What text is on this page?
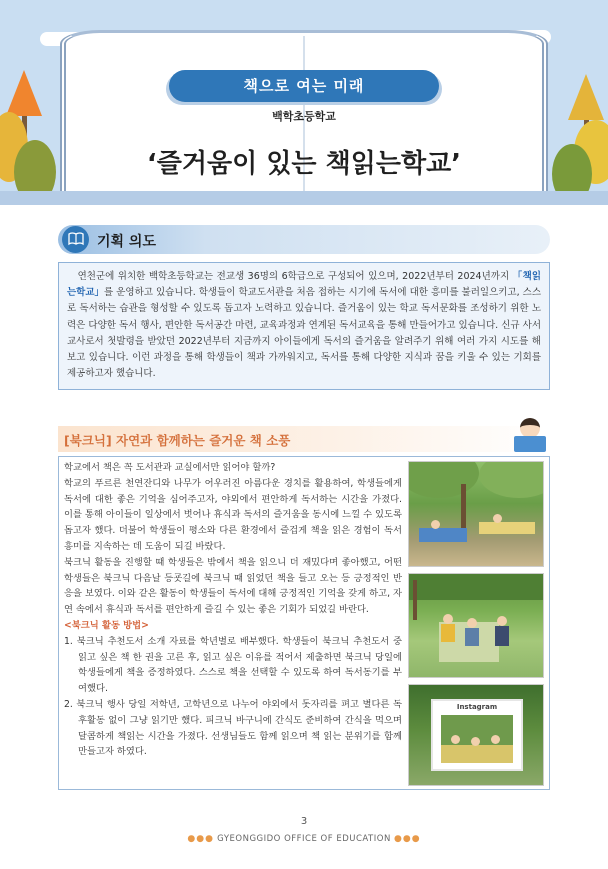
책으로 여는 미래
백학초등학교
‘즐거움이 있는 책읽는학교’
기획 의도
연천군에 위치한 백학초등학교는 전교생 36명의 6학급으로 구성되어 있으며, 2022년부터 2024년까지 「책읽는학교」를 운영하고 있습니다. 학생들이 학교도서관을 처음 접하는 시기에 독서에 대한 흥미를 불러일으키고, 스스로 독서하는 습관을 형성할 수 있도록 돕고자 노력하고 있습니다. 즐거움이 있는 학교 독서문화를 조성하기 위한 노력은 다양한 독서 행사, 편안한 독서공간 마련, 교육과정과 연계된 독서교육을 통해 만들어가고 있습니다. 신규 사서교사로서 첫발령을 받았던 2022년부터 지금까지 아이들에게 독서의 즐거움을 알려주기 위해 여러 가지 시도를 해보고 있습니다. 이런 과정을 통해 학생들이 책과 가까워지고, 독서를 통해 다양한 지식과 꿈을 키울 수 있는 기회를 제공하고자 했습니다.
[북크닉] 자연과 함께하는 즐거운 책 소풍

학교에서 책은 꼭 도서관과 교실에서만 읽어야 할까?

학교의 푸르른 천연잔디와 나무가 어우러진 아름다운 경치를 활용하여, 학생들에게 독서에 대한 좋은 기억을 심어주고자, 야외에서 편안하게 독서하는 시간을 가졌다. 이를 통해 아이들이 일상에서 벗어나 휴식과 독서의 즐거움을 동시에 느낄 수 있도록 돕고자 했다. 더불어 학생들이 평소와 다른 환경에서 즐겁게 책을 읽은 경험이 독서 흥미를 지속하는 데 도움이 되길 바랐다.

북크닉 활동을 진행할 때 학생들은 밖에서 책을 읽으니 더 재밌다며 좋아했고, 어떤 학생들은 북크닉 다음날 등굣길에 북크닉 때 읽었던 책을 들고 오는 등 긍정적인 반응을 보였다. 이와 같은 활동이 학생들이 독서에 대해 긍정적인 기억을 갖게 하고, 자연 속에서 휴식과 독서를 편안하게 즐길 수 있는 좋은 기회가 되었길 바란다.

<북크닉 활동 방법>

1. 북크닉 추천도서 소개 자료를 학년별로 배부했다. 학생들이 북크닉 추천도서 중 읽고 싶은 책 한 권을 고른 후, 읽고 싶은 이유를 적어서 제출하면 북크닉 당일에 학생들에게 책을 증정하였다. 스스로 책을 선택할 수 있도록 하여 독서동기를 부여했다.

2. 북크닉 행사 당일 저학년, 고학년으로 나누어 야외에서 돗자리를 펴고 별다른 독후활동 없이 그냥 읽기만 했다. 피크닉 바구니에 간식도 준비하여 간식을 먹으며 달콤하게 책읽는 시간을 가졌다. 선생님들도 함께 읽으며 책 읽는 분위기를 함께 만들고자 하였다.

Instagram
3
●●● GYEONGGIDO OFFICE OF EDUCATION ●●●
